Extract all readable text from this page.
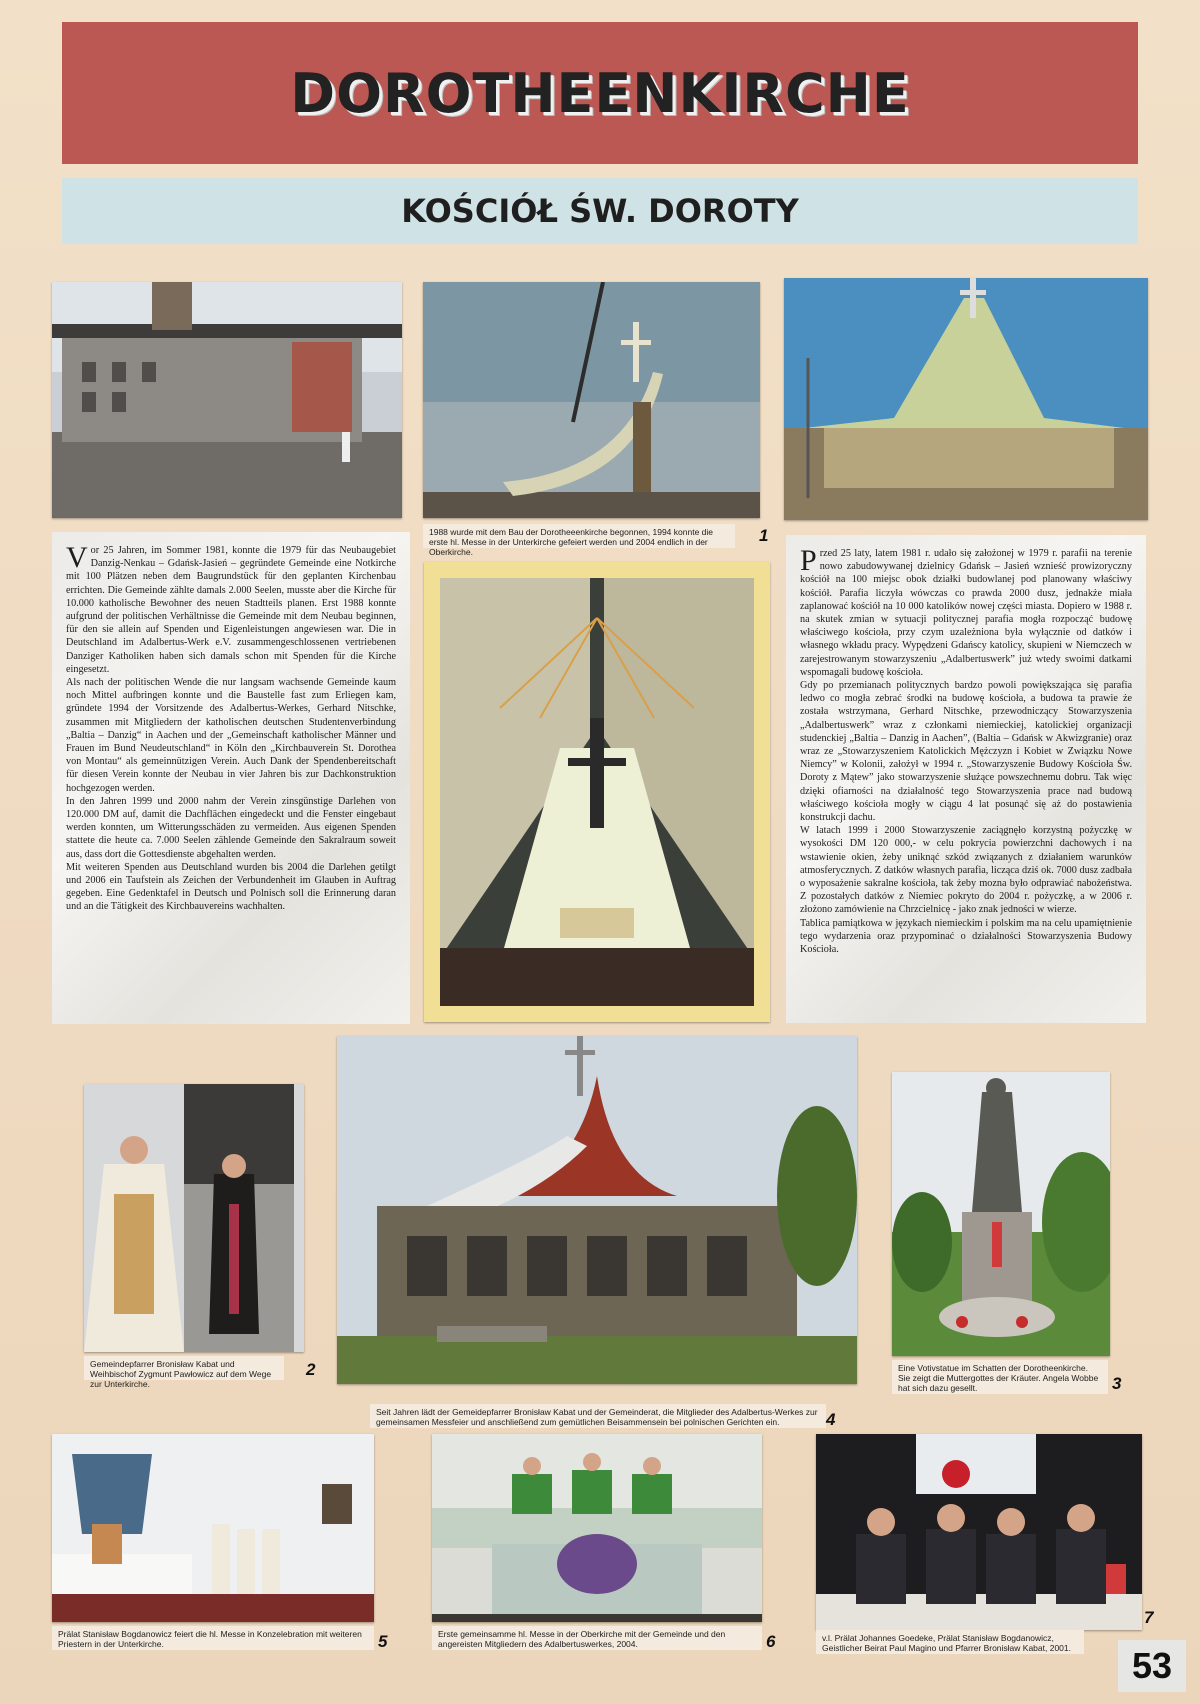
DOROTHEENKIRCHE
KOŚCIÓŁ ŚW. DOROTY
1988 wurde mit dem Bau der Dorotheeenkirche begonnen, 1994 konnte die erste hl. Messe in der Unterkirche gefeiert werden und 2004 endlich in der Oberkirche.
1
V or 25 Jahren, im Sommer 1981, konnte die 1979 für das Neubaugebiet Danzig-Nenkau – Gdańsk-Jasień – gegründete Gemeinde eine Notkirche mit 100 Plätzen neben dem Baugrundstück für den geplanten Kirchenbau errichten. Die Gemeinde zählte damals 2.000 Seelen, musste aber die Kirche für 10.000 katholische Bewohner des neuen Stadtteils planen. Erst 1988 konnte aufgrund der politischen Verhältnisse die Gemeinde mit dem Neubau beginnen, für den sie allein auf Spenden und Eigenleistungen angewiesen war. Die in Deutschland im Adalbertus-Werk e.V. zusammengeschlossenen vertriebenen Danziger Katholiken haben sich damals schon mit Spenden für die Kirche eingesetzt.

Als nach der politischen Wende die nur langsam wachsende Gemeinde kaum noch Mittel aufbringen konnte und die Baustelle fast zum Erliegen kam, gründete 1994 der Vorsitzende des Adalbertus-Werkes, Gerhard Nitschke, zusammen mit Mitgliedern der katholischen deutschen Studentenverbindung „Baltia – Danzig“ in Aachen und der „Gemeinschaft katholischer Männer und Frauen im Bund Neudeutschland“ in Köln den „Kirchbauverein St. Dorothea von Montau“ als gemeinnützigen Verein. Auch Dank der Spendenbereitschaft für diesen Verein konnte der Neubau in vier Jahren bis zur Dachkonstruktion hochgezogen werden.

In den Jahren 1999 und 2000 nahm der Verein zinsgünstige Darlehen von 120.000 DM auf, damit die Dachflächen eingedeckt und die Fenster eingebaut werden konnten, um Witterungsschäden zu vermeiden. Aus eigenen Spenden stattete die heute ca. 7.000 Seelen zählende Gemeinde den Sakralraum soweit aus, dass dort die Gottesdienste abgehalten werden.

Mit weiteren Spenden aus Deutschland wurden bis 2004 die Darlehen getilgt und 2006 ein Taufstein als Zeichen der Verbundenheit im Glauben in Auftrag gegeben. Eine Gedenktafel in Deutsch und Polnisch soll die Erinnerung daran und an die Tätigkeit des Kirchbauvereins wachhalten.

P rzed 25 laty, latem 1981 r. udało się założonej w 1979 r. parafii na terenie nowo zabudowywanej dzielnicy Gdańsk – Jasień wznieść prowizoryczny kościół na 100 miejsc obok działki budowlanej pod planowany właściwy kościół. Parafia liczyła wówczas co prawda 2000 dusz, jednakże miała zaplanować kościół na 10 000 katolików nowej części miasta. Dopiero w 1988 r. na skutek zmian w sytuacji politycznej parafia mogła rozpocząć budowę właściwego kościoła, przy czym uzależniona była wyłącznie od datków i własnego wkładu pracy. Wypędzeni Gdańscy katolicy, skupieni w Niemczech w zarejestrowanym stowarzyszeniu „Adalbertuswerk” już wtedy swoimi datkami wspomagali budowę kościoła.

Gdy po przemianach politycznych bardzo powoli powiększająca się parafia ledwo co mogła zebrać środki na budowę kościoła, a budowa ta prawie że została wstrzymana, Gerhard Nitschke, przewodniczący Stowarzyszenia „Adalbertuswerk” wraz z członkami niemieckiej, katolickiej organizacji studenckiej „Baltia – Danzig in Aachen”, (Baltia – Gdańsk w Akwizgranie) oraz wraz ze „Stowarzyszeniem Katolickich Mężczyzn i Kobiet w Związku Nowe Niemcy” w Kolonii, założył w 1994 r. „Stowarzyszenie Budowy Kościoła Św. Doroty z Mątew” jako stowarzyszenie służące powszechnemu dobru. Tak więc dzięki ofiarności na działalność tego Stowarzyszenia prace nad budową właściwego kościoła mogły w ciągu 4 lat posunąć się aż do postawienia konstrukcji dachu.

W latach 1999 i 2000 Stowarzyszenie zaciągnęło korzystną pożyczkę w wysokości DM 120 000,- w celu pokrycia powierzchni dachowych i na wstawienie okien, żeby uniknąć szkód związanych z działaniem warunków atmosferycznych. Z datków własnych parafia, licząca dziś ok. 7000 dusz zadbała o wyposażenie sakralne kościoła, tak żeby mozna było odprawiać nabożeństwa. Z pozostałych datków z Niemiec pokryto do 2004 r. pożyczkę, a w 2006 r. złożono zamówienie na Chrzcielnicę - jako znak jedności w wierze.

Tablica pamiątkowa w językach niemieckim i polskim ma na celu upamiętnienie tego wydarzenia oraz przypominać o działalności Stowarzyszenia Budowy Kościoła.

Gemeindepfarrer Bronisław Kabat und Weihbischof Zygmunt Pawłowicz auf dem Wege zur Unterkirche.
2	Eine Votivstatue im Schatten der Dorotheenkirche. Sie zeigt die Muttergottes der Kräuter. Angela Wobbe hat sich dazu gesellt.	3
Seit Jahren lädt der Gemeidepfarrer Bronisław Kabat und der Gemeinderat, die Mitglieder des Adalbertus-Werkes zur gemeinsamen Messfeier und anschließend zum gemütlichen Beisammensein bei polnischen Gerichten ein.	4
Prälat Stanisław Bogdanowicz feiert die hl. Messe in Konzelebration mit weiteren Priestern in der Unterkirche.	5	Erste gemeinsamme hl. Messe in der Oberkirche mit der Gemeinde und den angereisten Mitgliedern des Adalbertuswerkes, 2004.	6
7
v.l. Prälat Johannes Goedeke, Prälat Stanisław Bogdanowicz, Geistlicher Beirat Paul Magino und Pfarrer Bronisław Kabat, 2001.	53
